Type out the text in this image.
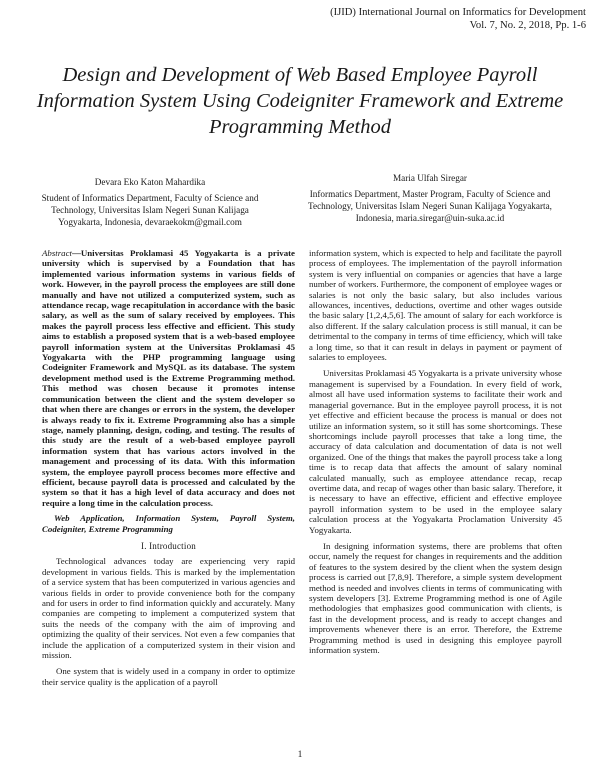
(IJID) International Journal on Informatics for Development
Vol. 7, No. 2, 2018, Pp. 1-6
Design and Development of Web Based Employee Payroll Information System Using Codeigniter Framework and Extreme Programming Method
Devara Eko Katon Mahardika
Student of Informatics Department, Faculty of Science and Technology, Universitas Islam Negeri Sunan Kalijaga Yogyakarta, Indonesia, devaraekokm@gmail.com
Maria Ulfah Siregar
Informatics Department, Master Program, Faculty of Science and Technology, Universitas Islam Negeri Sunan Kalijaga Yogyakarta, Indonesia, maria.siregar@uin-suka.ac.id

Abstract—Universitas Proklamasi 45 Yogyakarta is a private university which is supervised by a Foundation that has implemented various information systems in various fields of work. However, in the payroll process the employees are still done manually and have not utilized a computerized system, such as attendance recap, wage recapitulation in accordance with the basic salary, as well as the sum of salary received by employees. This makes the payroll process less effective and efficient. This study aims to establish a proposed system that is a web-based employee payroll information system at the Universitas Proklamasi 45 Yogyakarta with the PHP programming language using Codeigniter Framework and MySQL as its database. The system development method used is the Extreme Programming method. This method was chosen because it promotes intense communication between the client and the system developer so that when there are changes or errors in the system, the developer is always ready to fix it. Extreme Programming also has a simple stage, namely planning, design, coding, and testing. The results of this study are the result of a web-based employee payroll information system that has various actors involved in the management and processing of its data. With this information system, the employee payroll process becomes more effective and efficient, because payroll data is processed and calculated by the system so that it has a high level of data accuracy and does not require a long time in the calculation process.

Web Application, Information System, Payroll System, Codeigniter, Extreme Programming

I. Introduction

Technological advances today are experiencing very rapid development in various fields. This is marked by the implementation of a service system that has been computerized in various agencies and various fields in order to provide convenience both for the company and for users in order to find information quickly and accurately. Many companies are competing to implement a computerized system that suits the needs of the company with the aim of improving and optimizing the quality of their services. Not even a few companies that include the application of a computerized system in their vision and mission.

One system that is widely used in a company in order to optimize their service quality is the application of a payroll

information system, which is expected to help and facilitate the payroll process of employees. The implementation of the payroll information system is very influential on companies or agencies that have a large number of workers. Furthermore, the component of employee wages or salaries is not only the basic salary, but also includes various allowances, incentives, deductions, overtime and other wages outside the basic salary [1,2,4,5,6]. The amount of salary for each workforce is also different. If the salary calculation process is still manual, it can be detrimental to the company in terms of time efficiency, which will take a long time, so that it can result in delays in payment or payment of salaries to employees.

Universitas Proklamasi 45 Yogyakarta is a private university whose management is supervised by a Foundation. In every field of work, almost all have used information systems to facilitate their work and managerial governance. But in the employee payroll process, it is not yet effective and efficient because the process is manual or does not utilize an information system, so it still has some shortcomings. These shortcomings include payroll processes that take a long time, the accuracy of data calculation and documentation of data is not well organized. One of the things that makes the payroll process take a long time is to recap data that affects the amount of salary nominal calculated manually, such as employee attendance recap, recap overtime data, and recap of wages other than basic salary. Therefore, it is necessary to have an effective, efficient and effective employee payroll information system to be used in the employee salary calculation process at the Yogyakarta Proclamation University 45 Yogyakarta.

In designing information systems, there are problems that often occur, namely the request for changes in requirements and the addition of features to the system desired by the client when the system design process is carried out [7,8,9]. Therefore, a simple system development method is needed and involves clients in terms of communicating with system developers [3]. Extreme Programming method is one of Agile methodologies that emphasizes good communication with clients, is fast in the development process, and is ready to accept changes and improvements whenever there is an error. Therefore, the Extreme Programming method is used in designing this employee payroll information system.

1
